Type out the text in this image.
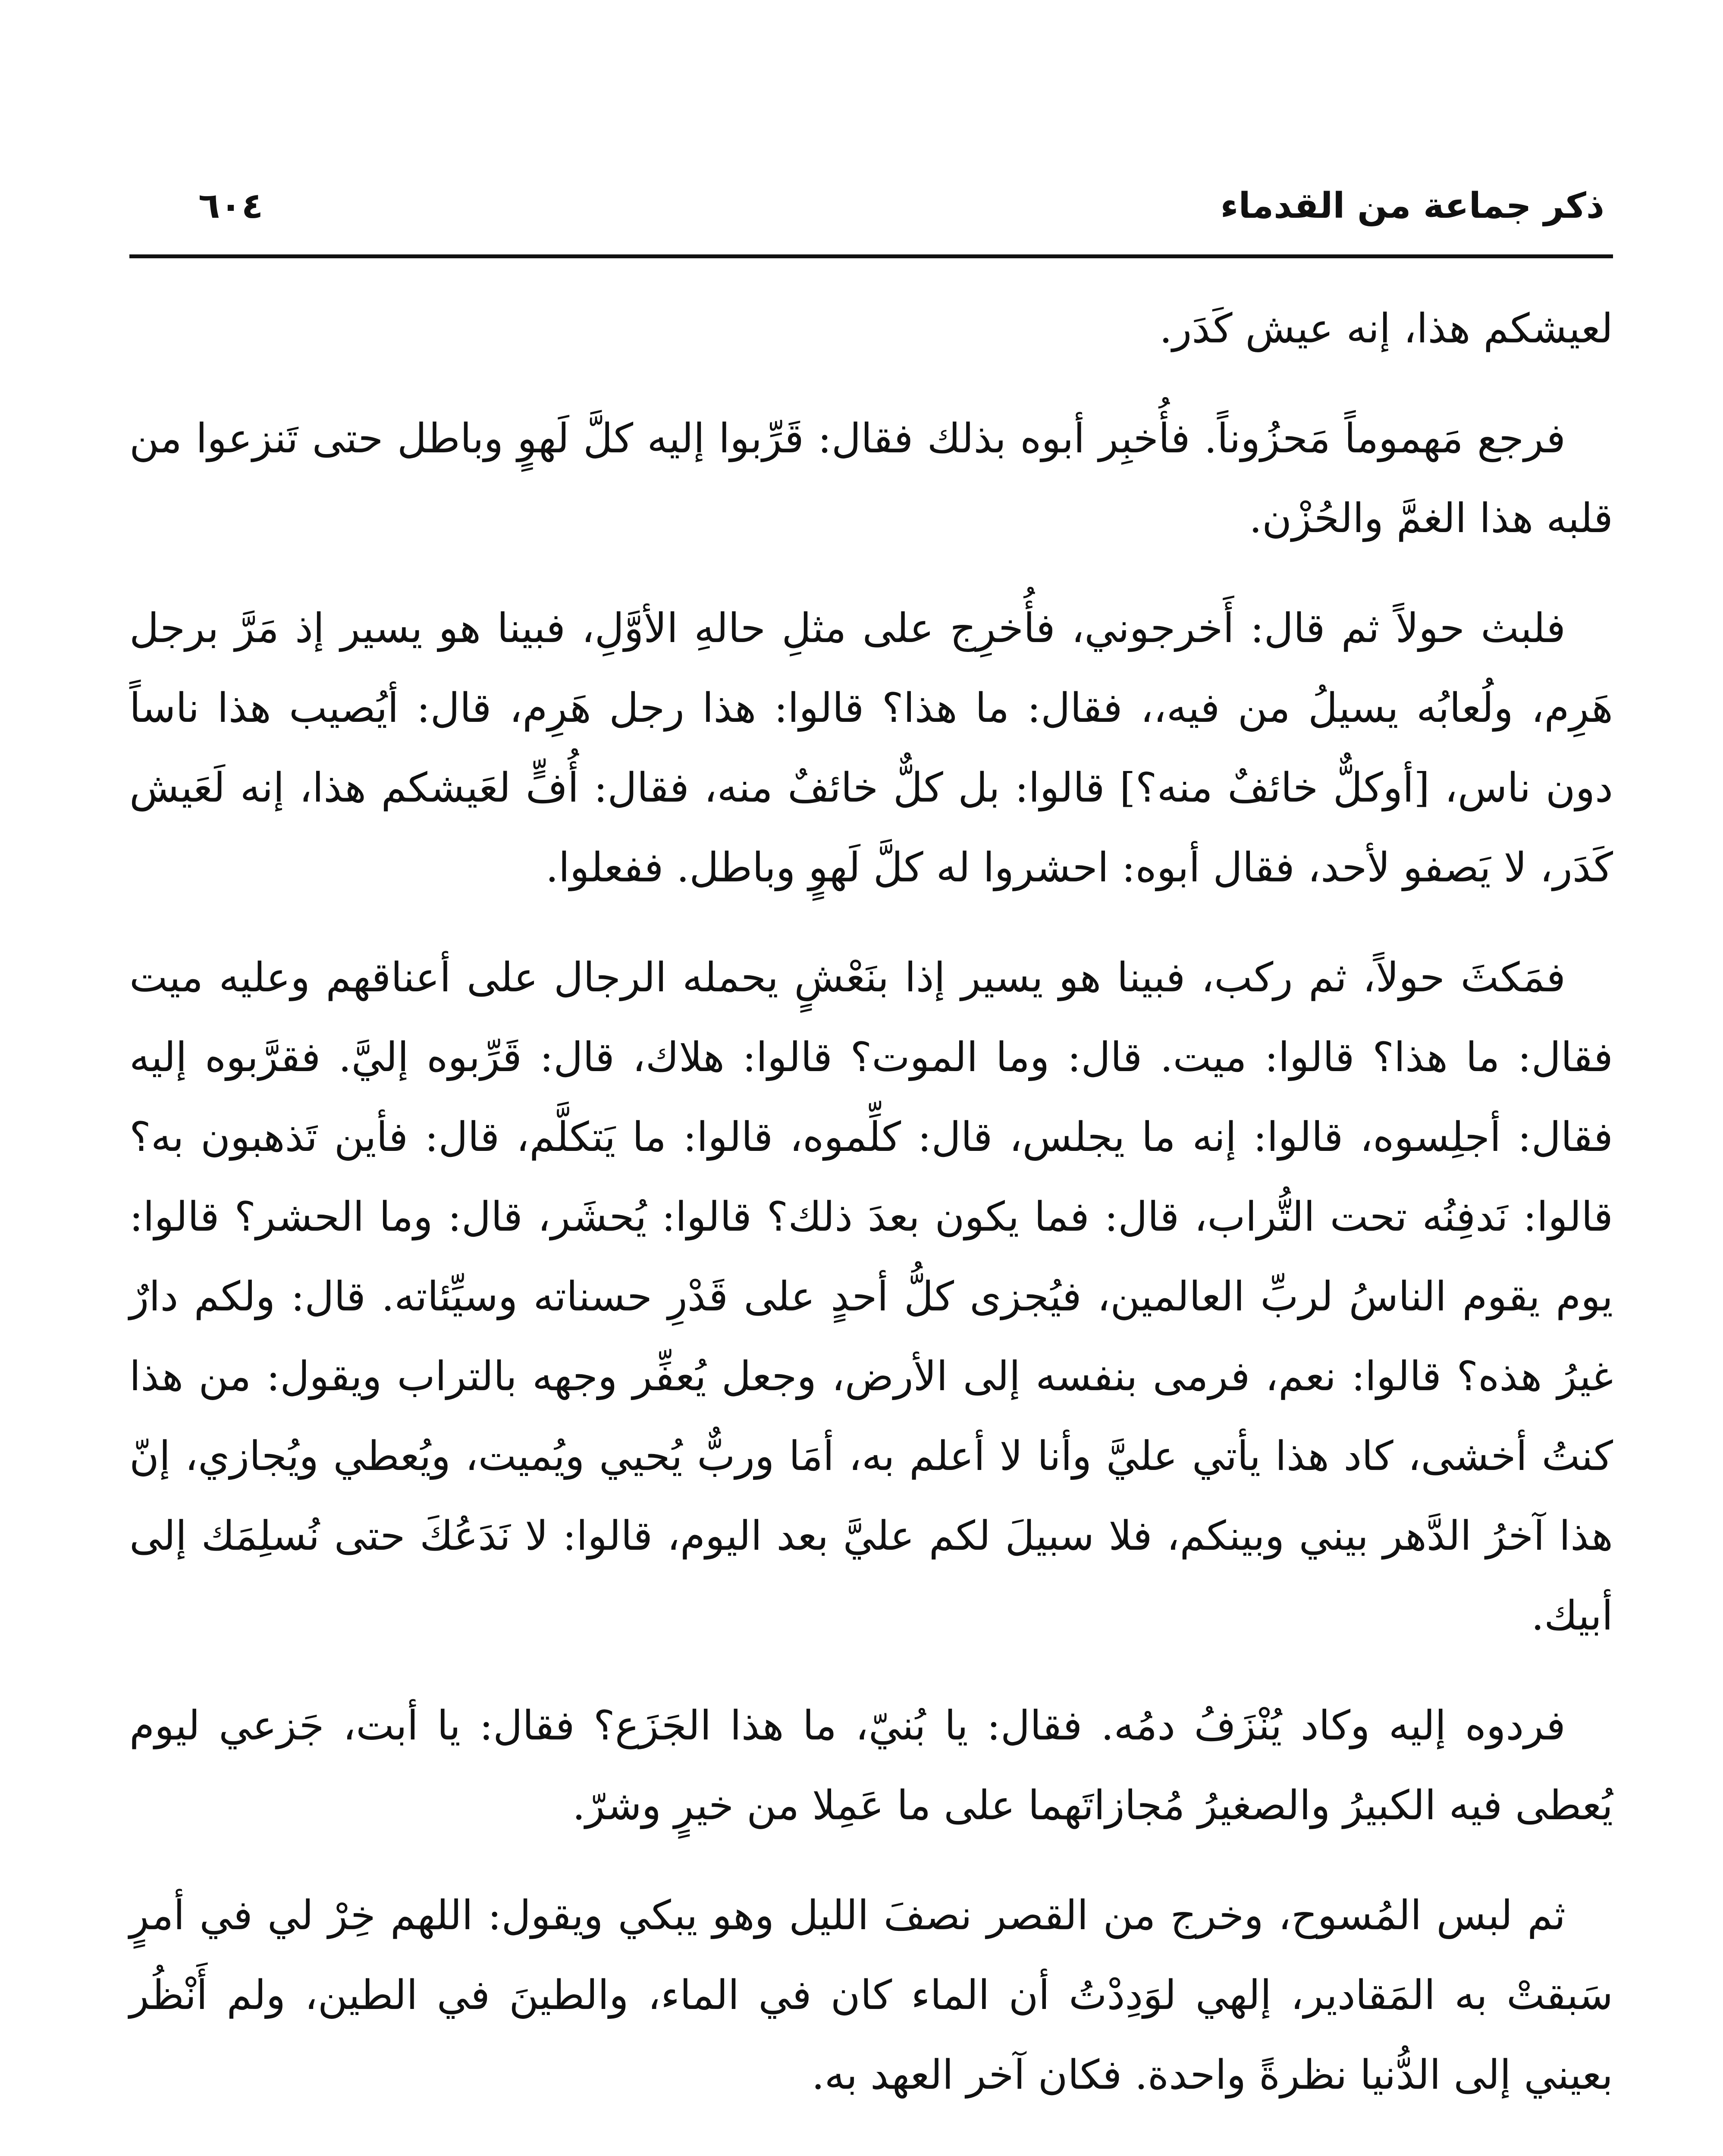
ذكر جماعة من القدماء
٦٠٤

لعيشكم هذا، إنه عيش كَدَر.

فرجع مَهموماً مَحزُوناً. فأُخبِر أبوه بذلك فقال: قَرِّبوا إليه كلَّ لَهوٍ وباطل حتى تَنزعوا من قلبه هذا الغمَّ والحُزْن.

فلبث حولاً ثم قال: أَخرجوني، فأُخرِج على مثلِ حالهِ الأوَّلِ، فبينا هو يسير إذ مَرَّ برجل هَرِم، ولُعابُه يسيلُ من فيه،، فقال: ما هذا؟ قالوا: هذا رجل هَرِم، قال: أيُصيب هذا ناساً دون ناس، [أوكلٌّ خائفٌ منه؟] قالوا: بل كلٌّ خائفٌ منه، فقال: أُفٍّ لعَيشكم هذا، إنه لَعَيش كَدَر، لا يَصفو لأحد، فقال أبوه: احشروا له كلَّ لَهوٍ وباطل. ففعلوا.

فمَكثَ حولاً، ثم ركب، فبينا هو يسير إذا بنَعْشٍ يحمله الرجال على أعناقهم وعليه ميت فقال: ما هذا؟ قالوا: ميت. قال: وما الموت؟ قالوا: هلاك، قال: قَرِّبوه إليَّ. فقرَّبوه إليه فقال: أجلِسوه، قالوا: إنه ما يجلس، قال: كلِّموه، قالوا: ما يَتكلَّم، قال: فأين تَذهبون به؟ قالوا: نَدفِنُه تحت التُّراب، قال: فما يكون بعدَ ذلك؟ قالوا: يُحشَر، قال: وما الحشر؟ قالوا: يوم يقوم الناسُ لربِّ العالمين، فيُجزى كلُّ أحدٍ على قَدْرِ حسناته وسيِّئاته. قال: ولكم دارٌ غيرُ هذه؟ قالوا: نعم، فرمى بنفسه إلى الأرض، وجعل يُعفِّر وجهه بالتراب ويقول: من هذا كنتُ أخشى، كاد هذا يأتي عليَّ وأنا لا أعلم به، أمَا وربٌّ يُحيي ويُميت، ويُعطي ويُجازي، إنّ هذا آخرُ الدَّهر بيني وبينكم، فلا سبيلَ لكم عليَّ بعد اليوم، قالوا: لا نَدَعُكَ حتى نُسلِمَك إلى أبيك.

فردوه إليه وكاد يُنْزَفُ دمُه. فقال: يا بُنيّ، ما هذا الجَزَع؟ فقال: يا أبت، جَزعي ليوم يُعطى فيه الكبيرُ والصغيرُ مُجازاتَهما على ما عَمِلا من خيرٍ وشرّ.

ثم لبس المُسوح، وخرج من القصر نصفَ الليل وهو يبكي ويقول: اللهم خِرْ لي في أمرٍ سَبقتْ به المَقادير، إلهي لوَدِدْتُ أن الماء كان في الماء، والطينَ في الطين، ولم أَنْظُر بعيني إلى الدُّنيا نظرةً واحدة. فكان آخر العهد به.
